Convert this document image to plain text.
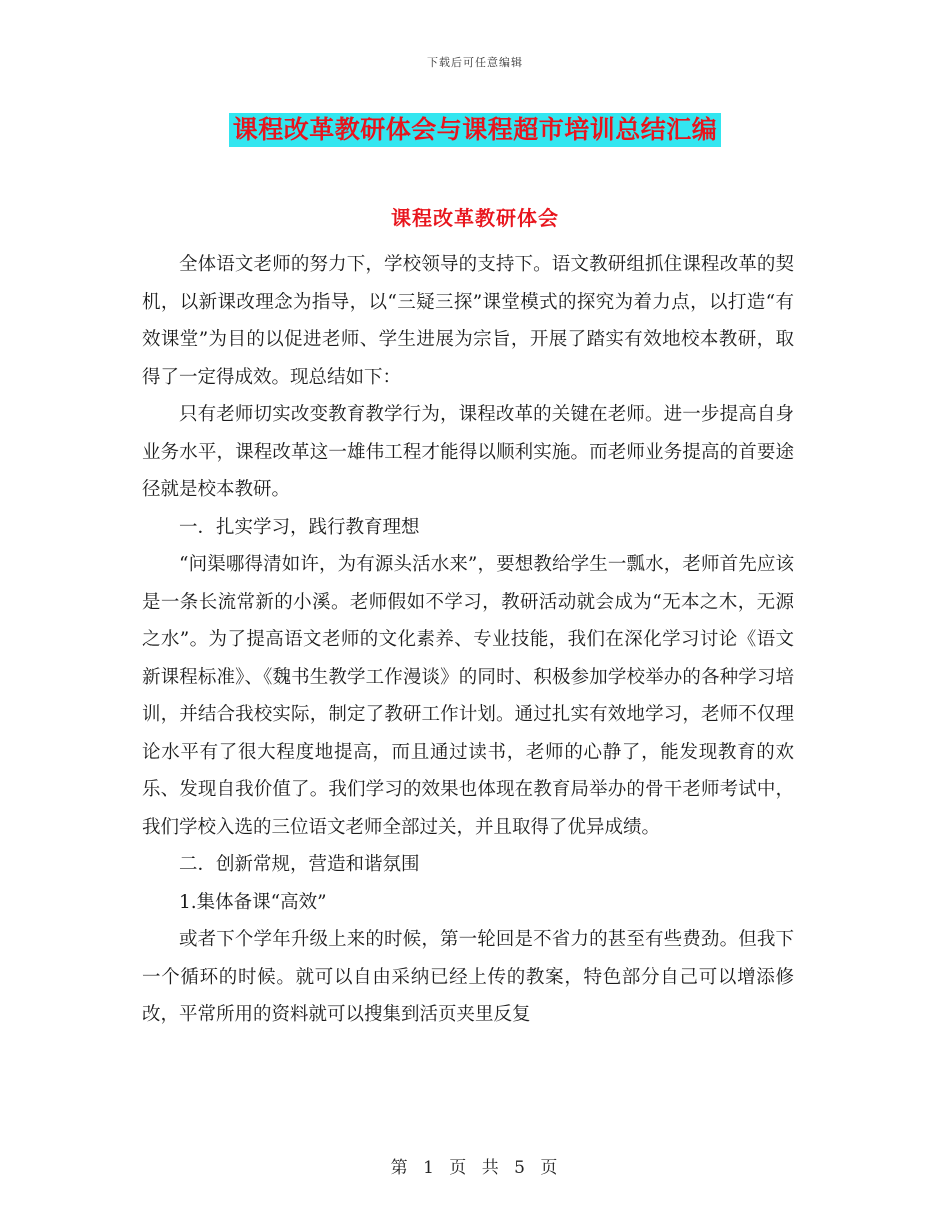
下载后可任意编辑
课程改革教研体会与课程超市培训总结汇编
课程改革教研体会

全体语文老师的努力下，学校领导的支持下。语文教研组抓住课程改革的契机，以新课改理念为指导，以“三疑三探”课堂模式的探究为着力点，以打造“有效课堂”为目的以促进老师、学生进展为宗旨，开展了踏实有效地校本教研，取得了一定得成效。现总结如下：

只有老师切实改变教育教学行为，课程改革的关键在老师。进一步提高自身业务水平，课程改革这一雄伟工程才能得以顺利实施。而老师业务提高的首要途径就是校本教研。

一．扎实学习，践行教育理想

“问渠哪得清如许，为有源头活水来”，要想教给学生一瓢水，老师首先应该是一条长流常新的小溪。老师假如不学习，教研活动就会成为“无本之木，无源之水”。为了提高语文老师的文化素养、专业技能，我们在深化学习讨论《语文新课程标准》、《魏书生教学工作漫谈》的同时、积极参加学校举办的各种学习培训，并结合我校实际，制定了教研工作计划。通过扎实有效地学习，老师不仅理论水平有了很大程度地提高，而且通过读书，老师的心静了，能发现教育的欢乐、发现自我价值了。我们学习的效果也体现在教育局举办的骨干老师考试中，我们学校入选的三位语文老师全部过关，并且取得了优异成绩。

二．创新常规，营造和谐氛围

1.集体备课“高效”

或者下个学年升级上来的时候，第一轮回是不省力的甚至有些费劲。但我下一个循环的时候。就可以自由采纳已经上传的教案，特色部分自己可以增添修改，平常所用的资料就可以搜集到活页夹里反复

第 1 页 共 5 页
